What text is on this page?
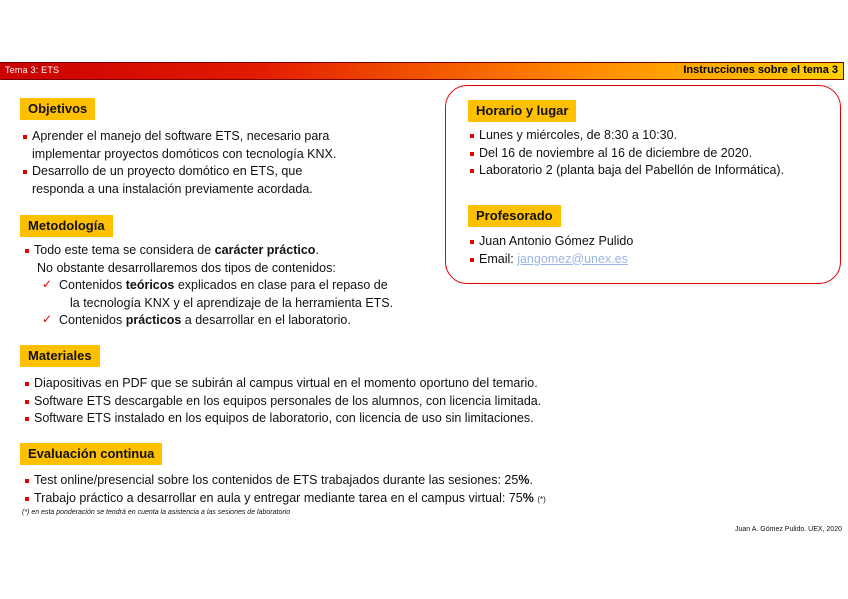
Tema 3: ETS	Instrucciones sobre el tema 3
Objetivos
Aprender el manejo del software ETS, necesario para
implementar proyectos domóticos con tecnología KNX.
Desarrollo de un proyecto domótico en ETS, que
responda a una instalación previamente acordada.
Metodología
Todo este tema se considera de carácter práctico.
No obstante desarrollaremos dos tipos de contenidos:
✓ Contenidos teóricos explicados en clase para el repaso de
la tecnología KNX y el aprendizaje de la herramienta ETS.
✓ Contenidos prácticos a desarrollar en el laboratorio.
Materiales
Diapositivas en PDF que se subirán al campus virtual en el momento oportuno del temario.
Software ETS descargable en los equipos personales de los alumnos, con licencia limitada.
Software ETS instalado en los equipos de laboratorio, con licencia de uso sin limitaciones.
Evaluación continua
Test online/presencial sobre los contenidos de ETS trabajados durante las sesiones: 25%.
Trabajo práctico a desarrollar en aula y entregar mediante tarea en el campus virtual: 75% (*)
(*) en esta ponderación se tendrá en cuenta la asistencia a las sesiones de laboratorio
Horario y lugar
Lunes y miércoles, de 8:30 a 10:30.
Del 16 de noviembre al 16 de diciembre de 2020.
Laboratorio 2 (planta baja del Pabellón de Informática).
Profesorado
Juan Antonio Gómez Pulido
Email: jangomez@unex.es
Juan A. Gómez Pulido. UEX, 2020
